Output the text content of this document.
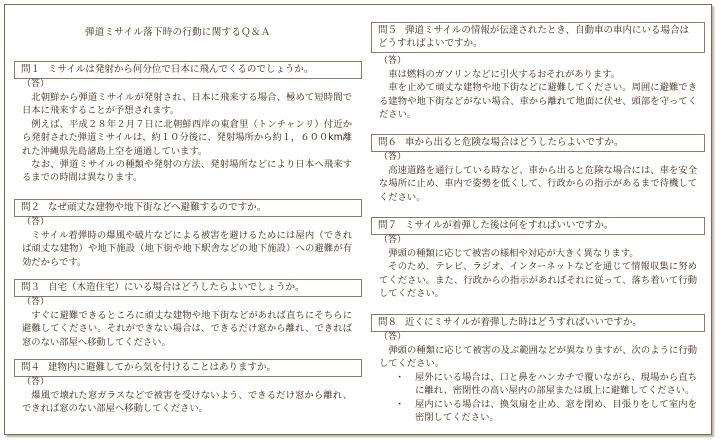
弾道ミサイル落下時の行動に関するＱ＆Ａ
問１ ミサイルは発射から何分位で日本に飛んでくるのでしょうか。
（答）

北朝鮮から弾道ミサイルが発射され、日本に飛来する場合、極めて短時間で日本に飛来することが予想されます。

例えば、平成２８年２月７日に北朝鮮西岸の東倉里（トンチャンリ）付近から発射された弾道ミサイルは、約１０分後に、発射場所から約１，６００km離れた沖縄県先島諸島上空を通過しています。

なお、弾道ミサイルの種類や発射の方法、発射場所などにより日本へ飛来するまでの時間は異なります。

問２ なぜ頑丈な建物や地下街などへ避難するのですか。
（答）

ミサイル着弾時の爆風や破片などによる被害を避けるためには屋内（できれば頑丈な建物）や地下施設（地下街や地下駅舎などの地下施設）への避難が有効だからです。

問３ 自宅（木造住宅）にいる場合はどうしたらよいでしょうか。
（答）

すぐに避難できるところに頑丈な建物や地下街などがあれば直ちにそちらに避難してください。それができない場合は、できるだけ窓から離れ、できれば窓のない部屋へ移動してください。

問４ 建物内に避難してから気を付けることはありますか。
（答）

爆風で壊れた窓ガラスなどで被害を受けないよう、できるだけ窓から離れ、できれば窓のない部屋へ移動してください。

問５ 弾道ミサイルの情報が伝達されたとき、自動車の車内にいる場合はどうすればよいですか。
（答）

車は燃料のガソリンなどに引火するおそれがあります。

車を止めて頑丈な建物や地下街などに避難してください。周囲に避難できる建物や地下街などがない場合、車から離れて地面に伏せ、頭部を守ってください。

問６ 車から出ると危険な場合はどうしたらよいですか。
（答）

高速道路を通行している時など、車から出ると危険な場合には、車を安全な場所に止め、車内で姿勢を低くして、行政からの指示があるまで待機してください。

問７ ミサイルが着弾した後は何をすればいいですか。
（答）

弾頭の種類に応じて被害の様相や対応が大きく異なります。

そのため、テレビ、ラジオ、インターネットなどを通じて情報収集に努めてください。また、行政からの指示があればそれに従って、落ち着いて行動してください。

問８ 近くにミサイルが着弾した時はどうすればいいですか。
（答）

弾頭の種類に応じて被害の及ぶ範囲などが異なりますが、次のように行動してください。

・ 屋外にいる場合は、口と鼻をハンカチで覆いながら、現場から直ちに離れ、密閉性の高い屋内の部屋または風上に避難してください。
・ 屋内にいる場合は、換気扇を止め、窓を閉め、目張りをして室内を密閉してください。
